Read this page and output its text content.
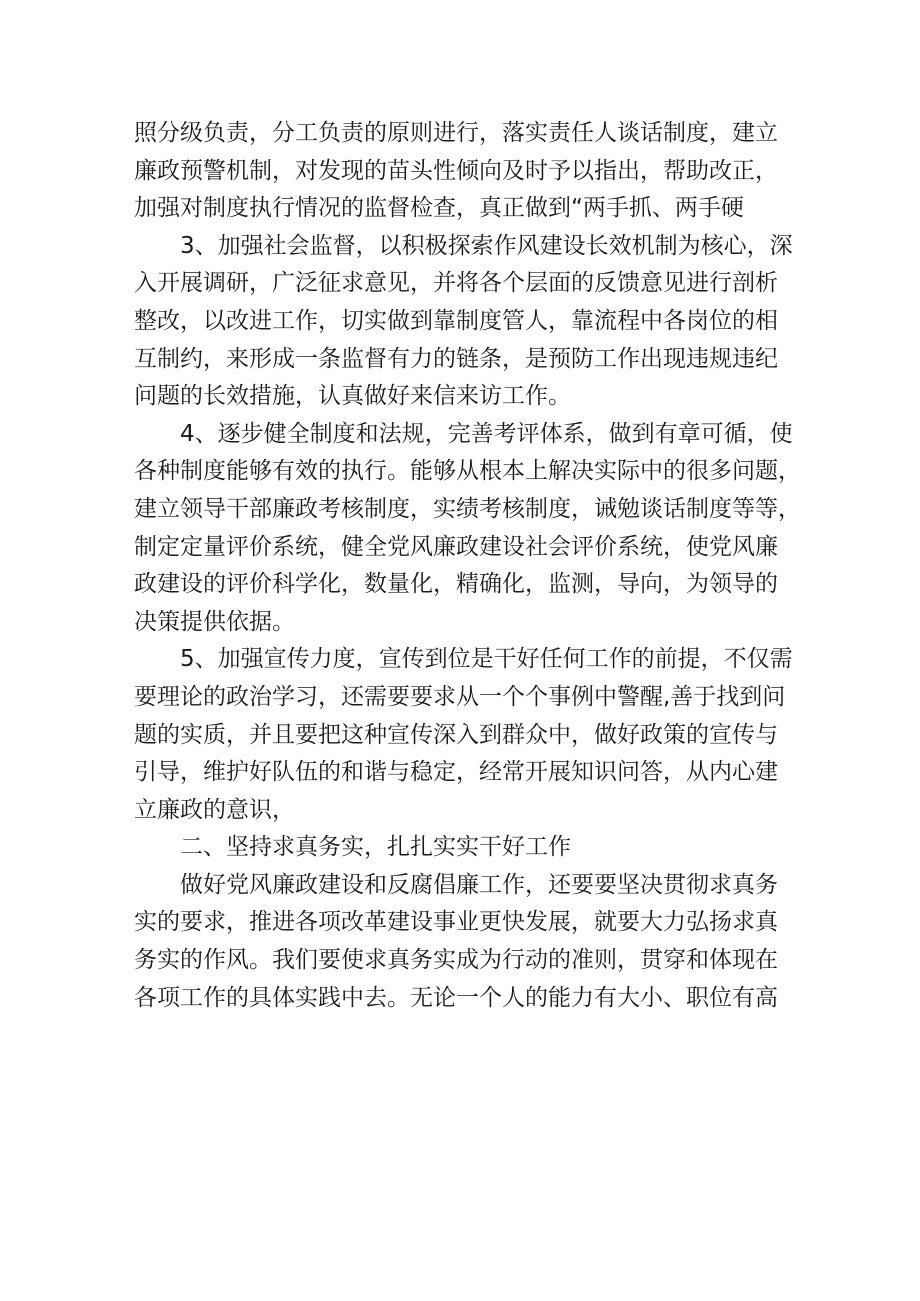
照分级负责，分工负责的原则进行，落实责任人谈话制度，建立
廉政预警机制，对发现的苗头性倾向及时予以指出，帮助改正，
加强对制度执行情况的监督检查，真正做到“两手抓、两手硬
3、加强社会监督，以积极探索作风建设长效机制为核心，深
入开展调研，广泛征求意见，并将各个层面的反馈意见进行剖析
整改，以改进工作，切实做到靠制度管人，靠流程中各岗位的相
互制约，来形成一条监督有力的链条，是预防工作出现违规违纪
问题的长效措施，认真做好来信来访工作。
4、逐步健全制度和法规，完善考评体系，做到有章可循，使
各种制度能够有效的执行。能够从根本上解决实际中的很多问题，
建立领导干部廉政考核制度，实绩考核制度，诫勉谈话制度等等，
制定定量评价系统，健全党风廉政建设社会评价系统，使党风廉
政建设的评价科学化，数量化，精确化，监测，导向，为领导的
决策提供依据。
5、加强宣传力度，宣传到位是干好任何工作的前提，不仅需
要理论的政治学习，还需要要求从一个个事例中警醒,善于找到问
题的实质，并且要把这种宣传深入到群众中，做好政策的宣传与
引导，维护好队伍的和谐与稳定，经常开展知识问答，从内心建
立廉政的意识，
二、坚持求真务实，扎扎实实干好工作
做好党风廉政建设和反腐倡廉工作，还要要坚决贯彻求真务
实的要求，推进各项改革建设事业更快发展，就要大力弘扬求真
务实的作风。我们要使求真务实成为行动的准则，贯穿和体现在
各项工作的具体实践中去。无论一个人的能力有大小、职位有高
